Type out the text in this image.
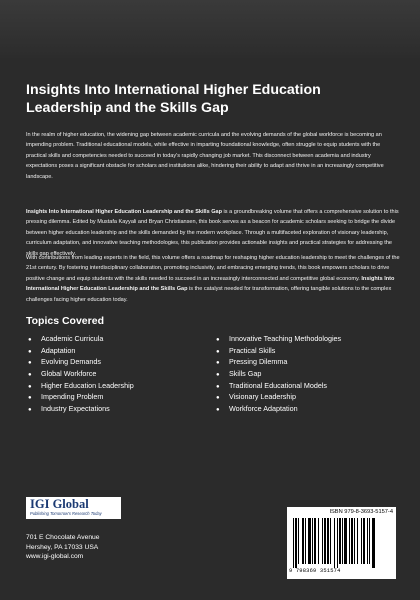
Insights Into International Higher Education Leadership and the Skills Gap

In the realm of higher education, the widening gap between academic curricula and the evolving demands of the global workforce is becoming an impending problem. Traditional educational models, while effective in imparting foundational knowledge, often struggle to equip students with the practical skills and competencies needed to succeed in today's rapidly changing job market. This disconnect between academia and industry expectations poses a significant obstacle for scholars and institutions alike, hindering their ability to adapt and thrive in an increasingly competitive landscape.

Insights Into International Higher Education Leadership and the Skills Gap is a groundbreaking volume that offers a comprehensive solution to this pressing dilemma. Edited by Mustafa Kayyali and Bryan Christiansen, this book serves as a beacon for academic scholars seeking to bridge the divide between higher education leadership and the skills demanded by the modern workplace. Through a multifaceted exploration of visionary leadership, curriculum adaptation, and innovative teaching methodologies, this publication provides actionable insights and practical strategies for addressing the skills gap effectively.

With contributions from leading experts in the field, this volume offers a roadmap for reshaping higher education leadership to meet the challenges of the 21st century. By fostering interdisciplinary collaboration, promoting inclusivity, and embracing emerging trends, this book empowers scholars to drive positive change and equip students with the skills needed to succeed in an increasingly interconnected and competitive global economy. Insights Into International Higher Education Leadership and the Skills Gap is the catalyst needed for transformation, offering tangible solutions to the complex challenges facing higher education today.

Topics Covered
● Academic Curricula
● Adaptation
● Evolving Demands
● Global Workforce
● Higher Education Leadership
● Impending Problem
● Industry Expectations
● Innovative Teaching Methodologies
● Practical Skills
● Pressing Dilemma
● Skills Gap
● Traditional Educational Models
● Visionary Leadership
● Workforce Adaptation
IGI Global
Publishing Tomorrow's Research Today
701 E Chocolate Avenue
Hershey, PA 17033 USA
www.igi-global.com
ISBN 979-8-3693-5157-4
9 798369 351574
